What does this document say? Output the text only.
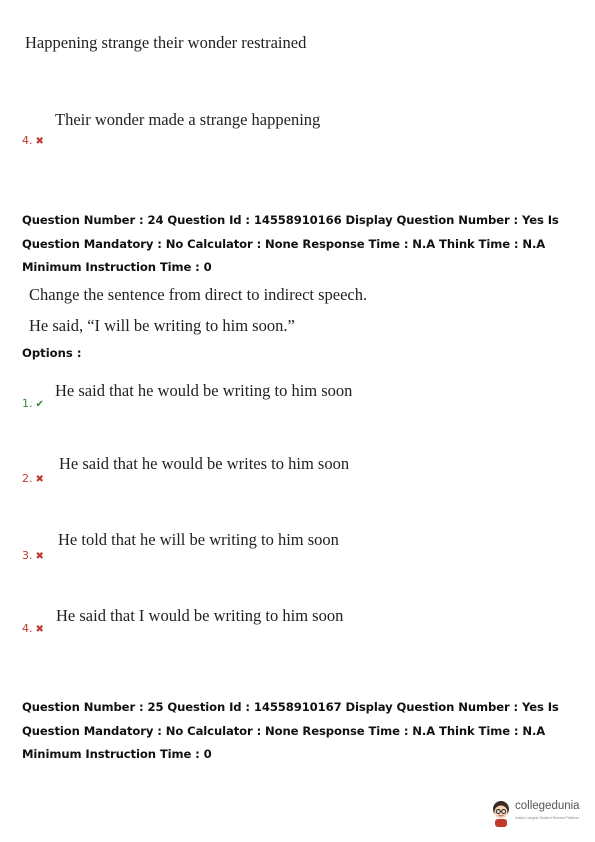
Happening strange their wonder restrained
Their wonder made a strange happening
4. ✖
Question Number : 24 Question Id : 14558910166 Display Question Number : Yes Is Question Mandatory : No Calculator : None Response Time : N.A Think Time : N.A Minimum Instruction Time : 0
Change the sentence from direct to indirect speech.
He said, “I will be writing to him soon.”
Options :
He said that he would be writing to him soon
1. ✔
He said that he would be writes to him soon
2. ✖
He told that he will be writing to him soon
3. ✖
He said that I would be writing to him soon
4. ✖
Question Number : 25 Question Id : 14558910167 Display Question Number : Yes Is Question Mandatory : No Calculator : None Response Time : N.A Think Time : N.A Minimum Instruction Time : 0
collegedunia
India's Largest Student Review Platform
